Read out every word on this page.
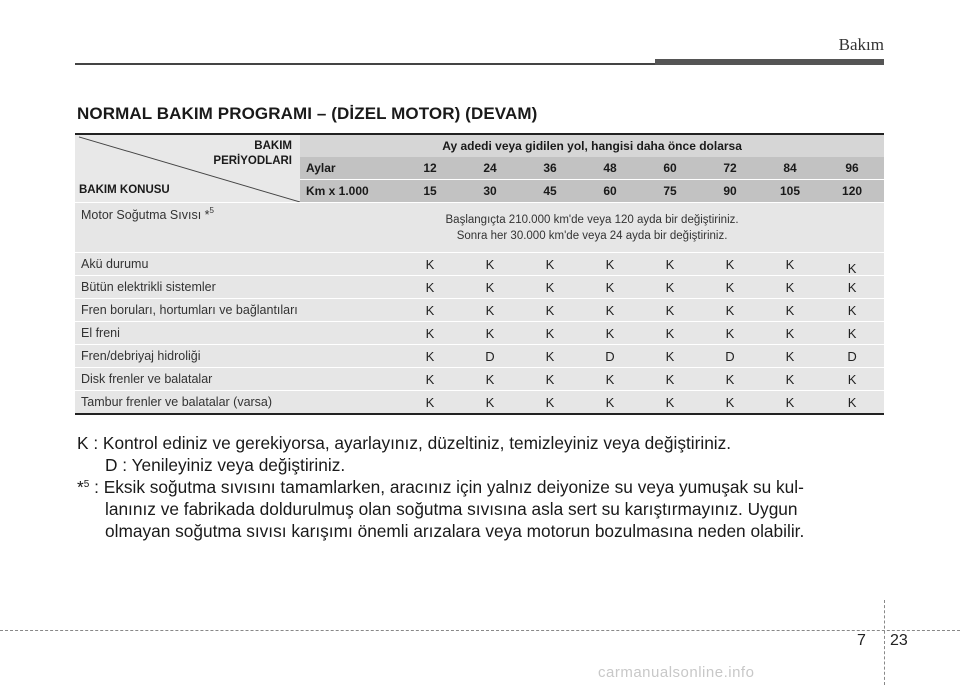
Bakım
NORMAL BAKIM PROGRAMI – (DİZEL MOTOR) (DEVAM)
BAKIM
PERİYODLARI
BAKIM KONUSU	Ay adedi veya gidilen yol, hangisi daha önce dolarsa								
	Aylar	12	24	36	48	60	72	84	96
	Km x 1.000	15	30	45	60	75	90	105	120
Motor Soğutma Sıvısı *$^5$	Başlangıçta 210.000 km'de veya 120 ayda bir değiştiriniz.
Sonra her 30.000 km'de veya 24 ayda bir değiştiriniz.								

Akü durumu		K	K	K	K	K	K	K	K
Bütün elektrikli sistemler		K	K	K	K	K	K	K	K
Fren boruları, hortumları ve bağlantıları		K	K	K	K	K	K	K	K
El freni		K	K	K	K	K	K	K	K
Fren/debriyaj hidroliği		K	D	K	D	K	D	K	D
Disk frenler ve balatalar		K	K	K	K	K	K	K	K
Tambur frenler ve balatalar (varsa)		K	K	K	K	K	K	K	K
K : Kontrol ediniz ve gerekiyorsa, ayarlayınız, düzeltiniz, temizleyiniz veya değiştiriniz.
D : Yenileyiniz veya değiştiriniz.
*$^5$ : Eksik soğutma sıvısını tamamlarken, aracınız için yalnız deiyonize su veya yumuşak su kul-
lanınız ve fabrikada doldurulmuş olan soğutma sıvısına asla sert su karıştırmayınız. Uygun
olmayan soğutma sıvısı karışımı önemli arızalara veya motorun bozulmasına neden olabilir.
7 23
carmanualsonline.info
